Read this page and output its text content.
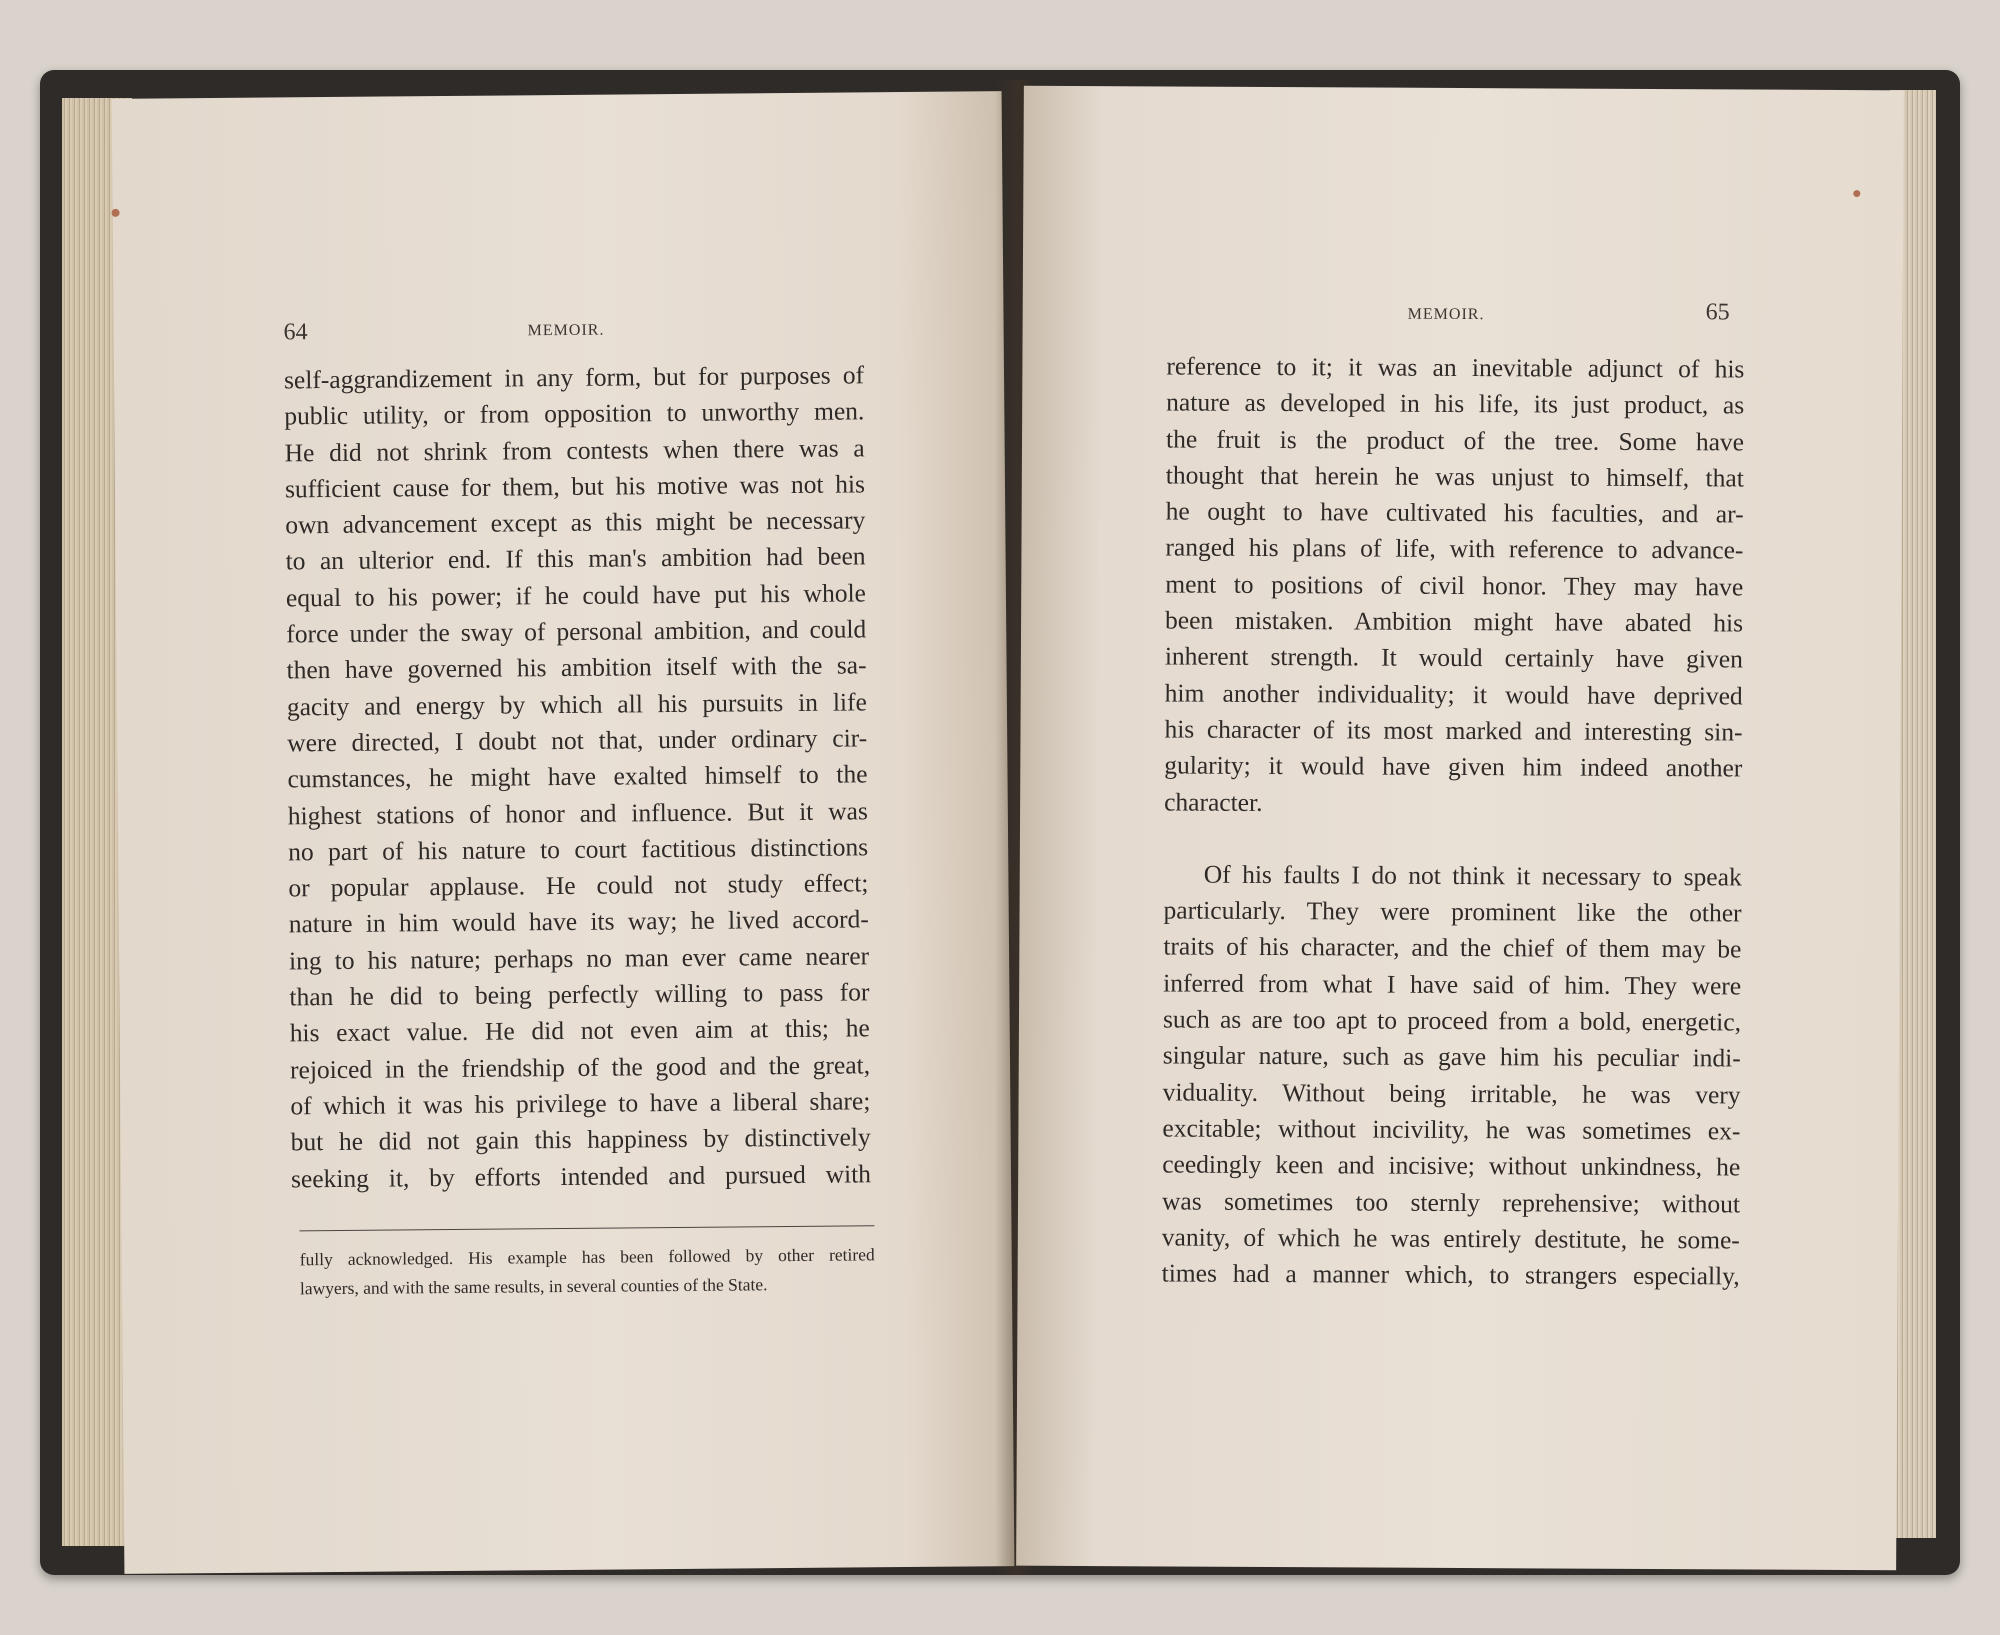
64	MEMOIR.
self-aggrandizement in any form, but for purposes of
public utility, or from opposition to unworthy men.
He did not shrink from contests when there was a
sufficient cause for them, but his motive was not his
own advancement except as this might be necessary
to an ulterior end. If this man's ambition had been
equal to his power; if he could have put his whole
force under the sway of personal ambition, and could
then have governed his ambition itself with the sa-
gacity and energy by which all his pursuits in life
were directed, I doubt not that, under ordinary cir-
cumstances, he might have exalted himself to the
highest stations of honor and influence. But it was
no part of his nature to court factitious distinctions
or popular applause. He could not study effect;
nature in him would have its way; he lived accord-
ing to his nature; perhaps no man ever came nearer
than he did to being perfectly willing to pass for
his exact value. He did not even aim at this; he
rejoiced in the friendship of the good and the great,
of which it was his privilege to have a liberal share;
but he did not gain this happiness by distinctively
seeking it, by efforts intended and pursued with
fully acknowledged. His example has been followed by other retired
lawyers, and with the same results, in several counties of the State.
MEMOIR.	65
reference to it; it was an inevitable adjunct of his
nature as developed in his life, its just product, as
the fruit is the product of the tree. Some have
thought that herein he was unjust to himself, that
he ought to have cultivated his faculties, and ar-
ranged his plans of life, with reference to advance-
ment to positions of civil honor. They may have
been mistaken. Ambition might have abated his
inherent strength. It would certainly have given
him another individuality; it would have deprived
his character of its most marked and interesting sin-
gularity; it would have given him indeed another
character.
Of his faults I do not think it necessary to speak
particularly. They were prominent like the other
traits of his character, and the chief of them may be
inferred from what I have said of him. They were
such as are too apt to proceed from a bold, energetic,
singular nature, such as gave him his peculiar indi-
viduality. Without being irritable, he was very
excitable; without incivility, he was sometimes ex-
ceedingly keen and incisive; without unkindness, he
was sometimes too sternly reprehensive; without
vanity, of which he was entirely destitute, he some-
times had a manner which, to strangers especially,
